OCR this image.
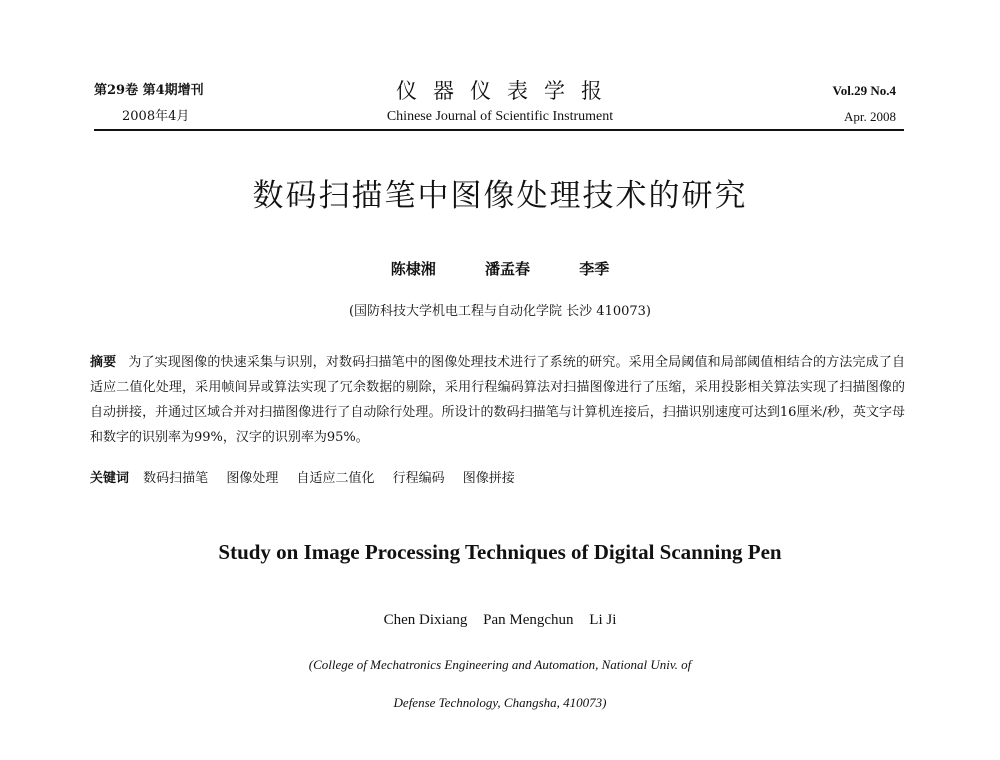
第29卷 第4期增刊
2008年4月
仪器仪表学报
Chinese Journal of Scientific Instrument
Vol.29 No.4
Apr. 2008
数码扫描笔中图像处理技术的研究
陈棣湘	潘孟春	李季
(国防科技大学机电工程与自动化学院 长沙 410073)
摘要 为了实现图像的快速采集与识别，对数码扫描笔中的图像处理技术进行了系统的研究。采用全局阈值和局部阈值相结合的方法完成了自适应二值化处理，采用帧间异或算法实现了冗余数据的剔除，采用行程编码算法对扫描图像进行了压缩，采用投影相关算法实现了扫描图像的自动拼接，并通过区域合并对扫描图像进行了自动除行处理。所设计的数码扫描笔与计算机连接后，扫描识别速度可达到16厘米/秒，英文字母和数字的识别率为99%，汉字的识别率为95%。
关键词 数码扫描笔 图像处理 自适应二值化 行程编码 图像拼接
Study on Image Processing Techniques of Digital Scanning Pen
Chen Dixiang Pan Mengchun Li Ji
(College of Mechatronics Engineering and Automation, National Univ. of
Defense Technology, Changsha, 410073)
